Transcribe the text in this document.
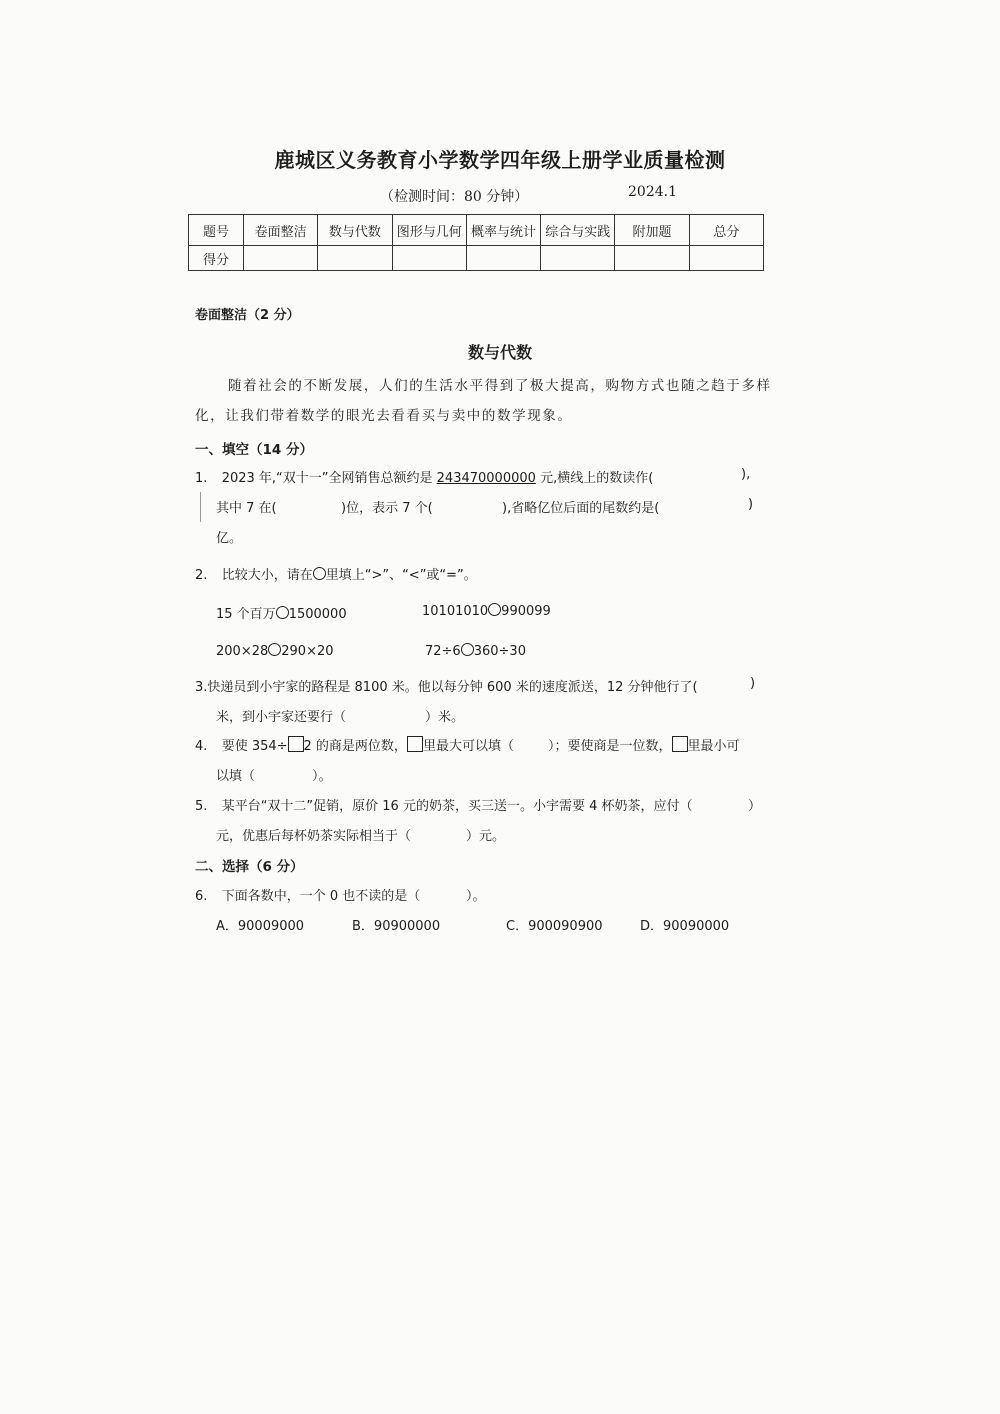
鹿城区义务教育小学数学四年级上册学业质量检测
（检测时间：80 分钟）	2024.1
题号	卷面整洁	数与代数	图形与几何	概率与统计	综合与实践	附加题	总分
得分							
卷面整洁（2 分）
数与代数
随着社会的不断发展，人们的生活水平得到了极大提高，购物方式也随之趋于多样
化，让我们带着数学的眼光去看看买与卖中的数学现象。
一、填空（14 分）
1. 2023 年,“双十一”全网销售总额约是 243470000000 元,横线上的数读作(	),
其中 7 在(	)位，表示 7 个(	),省略亿位后面的尾数约是(	)
亿。
2. 比较大小，请在 里填上“>”、“<”或“=”。
15 个百万 1500000	10101010 990099
200×28 290×20	72÷6 360÷30
3.快递员到小宇家的路程是 8100 米。他以每分钟 600 米的速度派送，12 分钟他行了(	)
米，到小宇家还要行（	）米。
4. 要使 354÷ 2 的商是两位数， 里最大可以填（	）；要使商是一位数， 里最小可
以填（	）。
5. 某平台“双十二”促销，原价 16 元的奶茶，买三送一。小宇需要 4 杯奶茶，应付（	）
元，优惠后每杯奶茶实际相当于（	）元。
二、选择（6 分）
6. 下面各数中，一个 0 也不读的是（	）。
A．90009000	B．90900000	C．900090900	D．90090000
